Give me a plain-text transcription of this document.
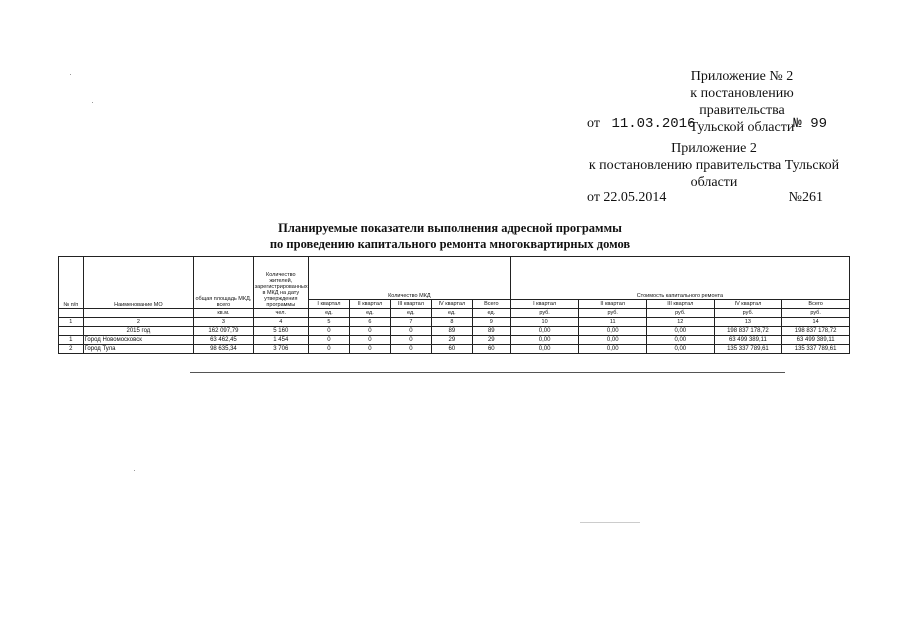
Приложение № 2
к постановлению правительства
Тульской области
от 11.03.2016	№ 99
Приложение 2
к постановлению правительства Тульской
области
от 22.05.2014	№261
Планируемые показатели выполнения адресной программы
по проведению капитального ремонта многоквартирных домов
№ п/п	Наименование МО	общая площадь МКД, всего	Количество жителей, зарегистрированных в МКД на дату утверждения программы	Количество МКД					Стоимость капитального ремонта				
				I квартал	II квартал	III квартал	IV квартал	Всего	I квартал	II квартал	III квартал	IV квартал	Всего
		кв.м.	чел.	ед.	ед.	ед.	ед.	ед.	руб.	руб.	руб.	руб.	руб.
1	2	3	4	5	6	7	8	9	10	11	12	13	14
	2015 год	162 097,79	5 160	0	0	0	89	89	0,00	0,00	0,00	198 837 178,72	198 837 178,72
1	Город Новомосковск	63 462,45	1 454	0	0	0	29	29	0,00	0,00	0,00	63 499 389,11	63 499 389,11
2	Город Тула	98 635,34	3 706	0	0	0	60	60	0,00	0,00	0,00	135 337 789,61	135 337 789,61
